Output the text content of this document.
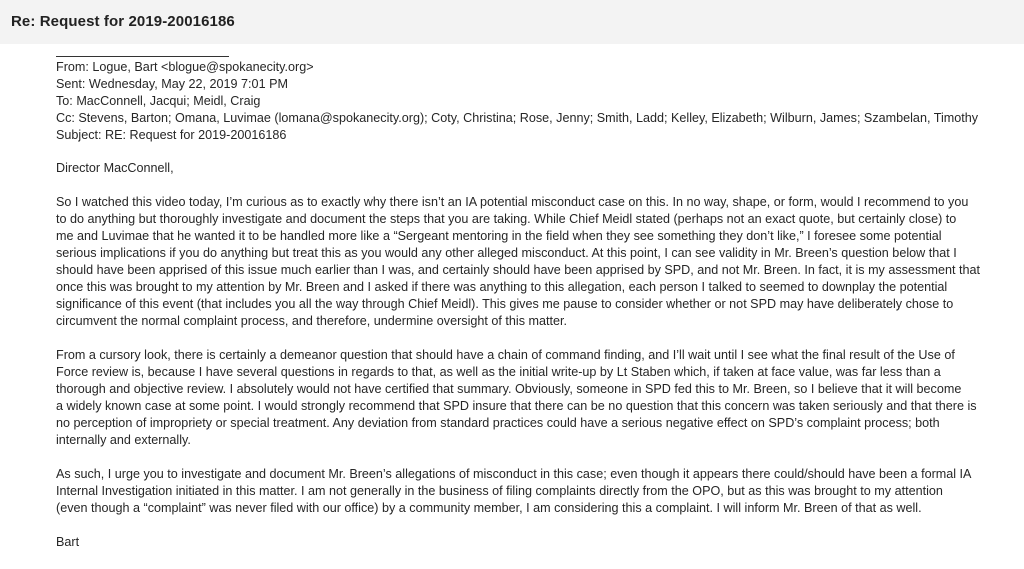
Re: Request for 2019-20016186
From: Logue, Bart <blogue@spokanecity.org>
Sent: Wednesday, May 22, 2019 7:01 PM
To: MacConnell, Jacqui; Meidl, Craig
Cc: Stevens, Barton; Omana, Luvimae (lomana@spokanecity.org); Coty, Christina; Rose, Jenny; Smith, Ladd; Kelley, Elizabeth; Wilburn, James; Szambelan, Timothy
Subject: RE: Request for 2019-20016186
Director MacConnell,

So I watched this video today, I’m curious as to exactly why there isn’t an IA potential misconduct case on this. In no way, shape, or form, would I recommend to you

to do anything but thoroughly investigate and document the steps that you are taking. While Chief Meidl stated (perhaps not an exact quote, but certainly close) to

me and Luvimae that he wanted it to be handled more like a “Sergeant mentoring in the field when they see something they don’t like,” I foresee some potential

serious implications if you do anything but treat this as you would any other alleged misconduct. At this point, I can see validity in Mr. Breen’s question below that I

should have been apprised of this issue much earlier than I was, and certainly should have been apprised by SPD, and not Mr. Breen. In fact, it is my assessment that

once this was brought to my attention by Mr. Breen and I asked if there was anything to this allegation, each person I talked to seemed to downplay the potential

significance of this event (that includes you all the way through Chief Meidl). This gives me pause to consider whether or not SPD may have deliberately chose to

circumvent the normal complaint process, and therefore, undermine oversight of this matter.

From a cursory look, there is certainly a demeanor question that should have a chain of command finding, and I’ll wait until I see what the final result of the Use of

Force review is, because I have several questions in regards to that, as well as the initial write-up by Lt Staben which, if taken at face value, was far less than a

thorough and objective review. I absolutely would not have certified that summary. Obviously, someone in SPD fed this to Mr. Breen, so I believe that it will become

a widely known case at some point. I would strongly recommend that SPD insure that there can be no question that this concern was taken seriously and that there is

no perception of impropriety or special treatment. Any deviation from standard practices could have a serious negative effect on SPD’s complaint process; both

internally and externally.

As such, I urge you to investigate and document Mr. Breen’s allegations of misconduct in this case; even though it appears there could/should have been a formal IA

Internal Investigation initiated in this matter. I am not generally in the business of filing complaints directly from the OPO, but as this was brought to my attention

(even though a “complaint” was never filed with our office) by a community member, I am considering this a complaint. I will inform Mr. Breen of that as well.

Bart
